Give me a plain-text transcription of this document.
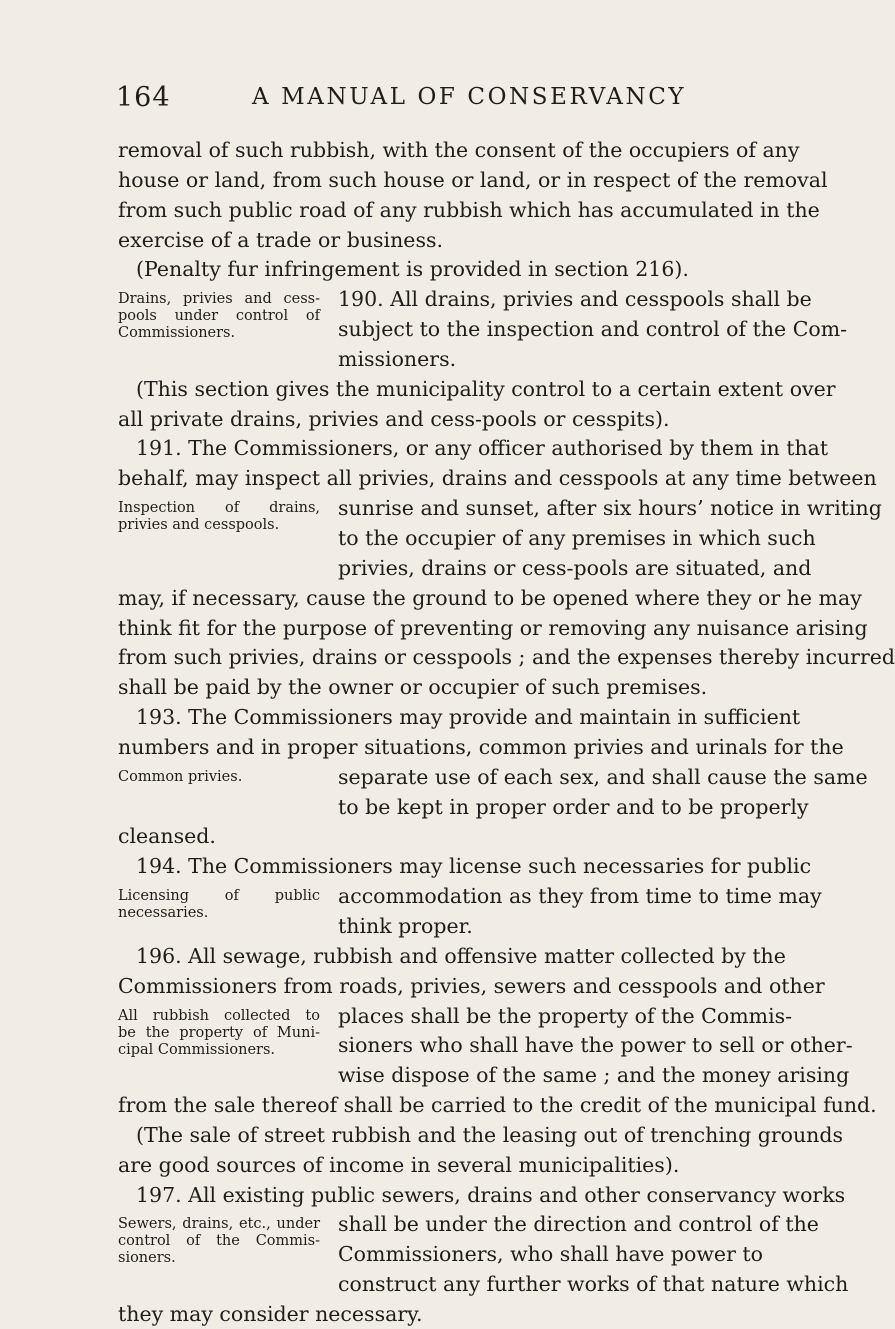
164	A MANUAL OF CONSERVANCY
removal of such rubbish, with the consent of the occupiers of any
house or land, from such house or land, or in respect of the removal
from such public road of any rubbish which has accumulated in the
exercise of a trade or business.
(Penalty fur infringement is provided in section 216).
190. All drains, privies and cesspools shall be
subject to the inspection and control of the Com-
missioners.
(This section gives the municipality control to a certain extent over
all private drains, privies and cess-pools or cesspits).
191. The Commissioners, or any officer authorised by them in that
behalf, may inspect all privies, drains and cesspools at any time between
sunrise and sunset, after six hours’ notice in writing
to the occupier of any premises in which such
privies, drains or cess-pools are situated, and
may, if necessary, cause the ground to be opened where they or he may
think fit for the purpose of preventing or removing any nuisance arising
from such privies, drains or cesspools ; and the expenses thereby incurred
shall be paid by the owner or occupier of such premises.
193. The Commissioners may provide and maintain in sufficient
numbers and in proper situations, common privies and urinals for the
separate use of each sex, and shall cause the same
to be kept in proper order and to be properly
cleansed.
194. The Commissioners may license such necessaries for public
accommodation as they from time to time may
think proper.
196. All sewage, rubbish and offensive matter collected by the
Commissioners from roads, privies, sewers and cesspools and other
places shall be the property of the Commis-
sioners who shall have the power to sell or other-
wise dispose of the same ; and the money arising
from the sale thereof shall be carried to the credit of the municipal fund.
(The sale of street rubbish and the leasing out of trenching grounds
are good sources of income in several municipalities).
197. All existing public sewers, drains and other conservancy works
shall be under the direction and control of the
Commissioners, who shall have power to
construct any further works of that nature which
they may consider necessary.
Drains, privies and cess-
pools under control of
Commissioners.
Inspection of drains,
privies and cesspools.
Common privies.
Licensing of public
necessaries.
All rubbish collected to
be the property of Muni-
cipal Commissioners.
Sewers, drains, etc., under
control of the Commis-
sioners.
